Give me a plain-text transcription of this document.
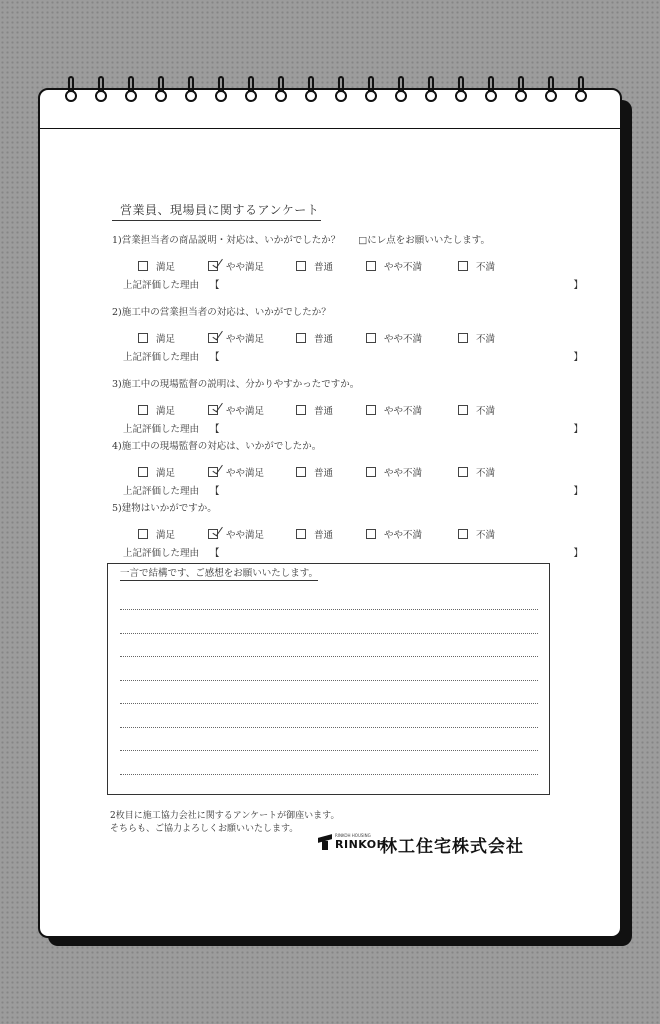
営業員、現場員に関するアンケート
1)営業担当者の商品説明・対応は、いかがでしたか？ □にレ点をお願いいたします。
満足	やや満足	普通	やや不満	不満
上記評価した理由 【	】
2)施工中の営業担当者の対応は、いかがでしたか？
満足	やや満足	普通	やや不満	不満
上記評価した理由 【	】
3)施工中の現場監督の説明は、分かりやすかったですか。
満足	やや満足	普通	やや不満	不満
上記評価した理由 【	】
4)施工中の現場監督の対応は、いかがでしたか。
満足	やや満足	普通	やや不満	不満
上記評価した理由 【	】
5)建物はいかがですか。
満足	やや満足	普通	やや不満	不満
上記評価した理由 【	】
一言で結構です、ご感想をお願いいたします。
2枚目に施工協力会社に関するアンケートが御座います。
そちらも、ご協力よろしくお願いいたします。
RINKOH HOUSING
RINKOH
林工住宅株式会社
